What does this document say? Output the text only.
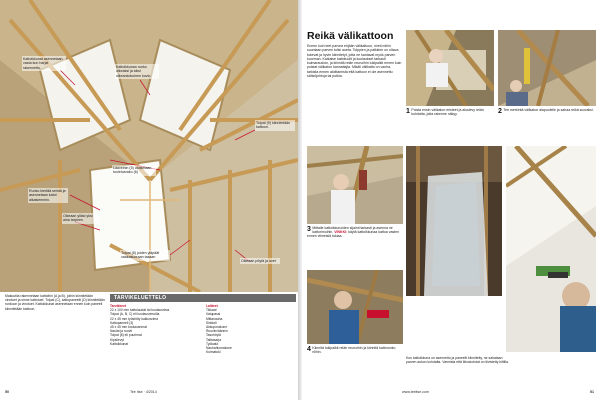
Kattoikkunat asennetaan vasta kun harjat rakennettu.	Kattoikkunan runko oikeaksi ja siksi oikeankokoinen kuvio
Tolpat (9) kiinnitetään kattoon.
Laaveihin (5) ulostetaan tuuletusrako (6)
Runko kiertää seinät ja asennetaan katot aikaisemmin.
Oikeaan ylläsi yksi aina tarpeen
Tolpat (8) joiden yläpäät vaakasuoraan tasaan
Oikeaan pöytä ja ovet
Makuutila rakennetaan kattoihin (A ja B), joihin kiinnitetään vinotuet ja sinne kattotuet. Tolpat (C), kattopaneelit (D) kiinnitetään runkoon ja vinotuet. Kattoikkunat asennetaan ennen kuin paneeli kiinnitetään kattoon.
TARVIKELUETTELO
Tarvikkeet
22 x 100 mm kattolaudat tai koolausrima
Tolpat (A, B, C) eli koolausrimoilla
22 x 45 mm työstötty kakkosrima
Kattopaneeli (3)
45 x 45 mm koolausrimat
Naulat ja ruuvit
Tolpat (8) eli puurimat
Kipsilevyt
Kattoikkunat
Laitteet
Tikkaat
Vatupassi
Mittanauha
Sirkkeli
Akkuporakone
Ruuvinväännin
Tasohöylä
Talttasarja
Työkalut
Nauhahiomakone
Kulmatuki
50	Tee Itse · 4/2014
Reikä välikattoon
Ennen kuin teet parvea ehjään välikattoon, mieti mihin suuntaan parven tulisi aueta. Tolppien ja palkkien on oltava tukevat ja hyvin kiinnitetyt, jotta ne kantavat myös parven kuorman. Katkaise kattotuolit ja koolaukset tarkasti kulmaraudoin, ja kiinnitä reiän reunoihin tukipalkit ennen kuin poistat välikaton kannattajia. Mikäli välikatto on vanha, tarkista ennen aloittamista että kattoon ei ole asennettu sähköjohtoja tai putkia.
1 Poista ensin välikaton eristeet ja aluslevy reiän kohdalta, jotta rakenne näkyy.	2 Tee merkintä välikaton alapuolelle ja sahaa reikä suoraksi.
3 Mittaile kattoikkunoiden sijainti tarkasti ja asenna ne kattorimoihin. VINKKI: käytä kattoikkunaa kattoa vasten ennen viimeisiä tukiaa.
4 Kiinnitä tukipalkit reiän reunoihin ja kiinnitä kattorunko niihin.
Kun kattoikkuna on asennettu ja paneelit kiinnitetty, ne sahataan parven aukon kohdalta. Varmista että liitoskohdat on tiivistetty kittilla.
www.teeitse.com	51
